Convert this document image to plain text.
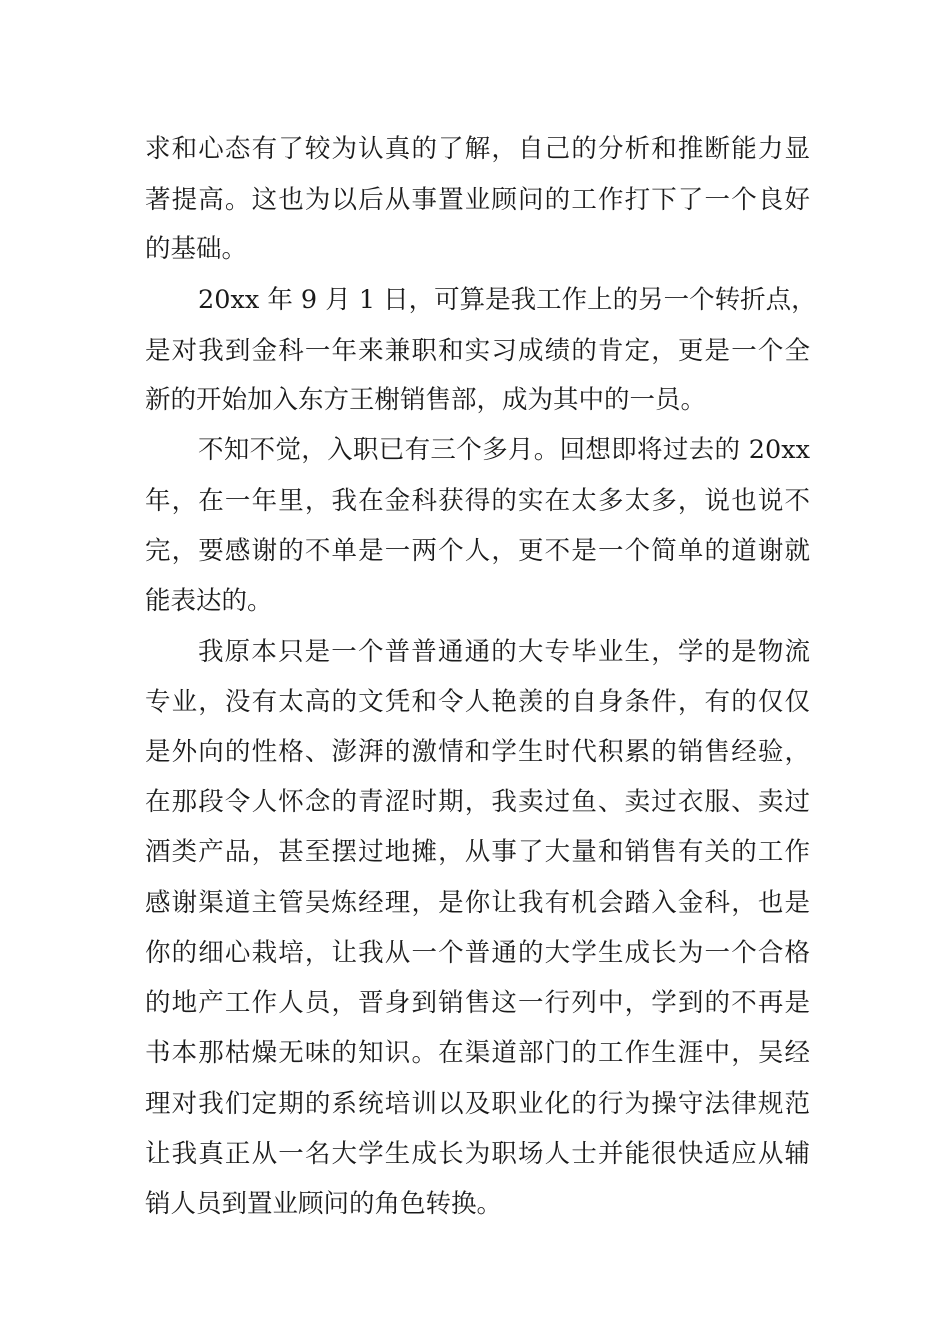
求和心态有了较为认真的了解，自己的分析和推断能力显
著提高。这也为以后从事置业顾问的工作打下了一个良好
的基础。
20xx 年 9 月 1 日，可算是我工作上的另一个转折点，
是对我到金科一年来兼职和实习成绩的肯定，更是一个全
新的开始加入东方王榭销售部，成为其中的一员。
不知不觉，入职已有三个多月。回想即将过去的 20xx
年，在一年里，我在金科获得的实在太多太多，说也说不
完，要感谢的不单是一两个人，更不是一个简单的道谢就
能表达的。
我原本只是一个普普通通的大专毕业生，学的是物流
专业，没有太高的文凭和令人艳羡的自身条件，有的仅仅
是外向的性格、澎湃的激情和学生时代积累的销售经验，
在那段令人怀念的青涩时期，我卖过鱼、卖过衣服、卖过
酒类产品，甚至摆过地摊，从事了大量和销售有关的工作
感谢渠道主管吴炼经理，是你让我有机会踏入金科，也是
你的细心栽培，让我从一个普通的大学生成长为一个合格
的地产工作人员，晋身到销售这一行列中，学到的不再是
书本那枯燥无味的知识。在渠道部门的工作生涯中，吴经
理对我们定期的系统培训以及职业化的行为操守法律规范
让我真正从一名大学生成长为职场人士并能很快适应从辅
销人员到置业顾问的角色转换。
